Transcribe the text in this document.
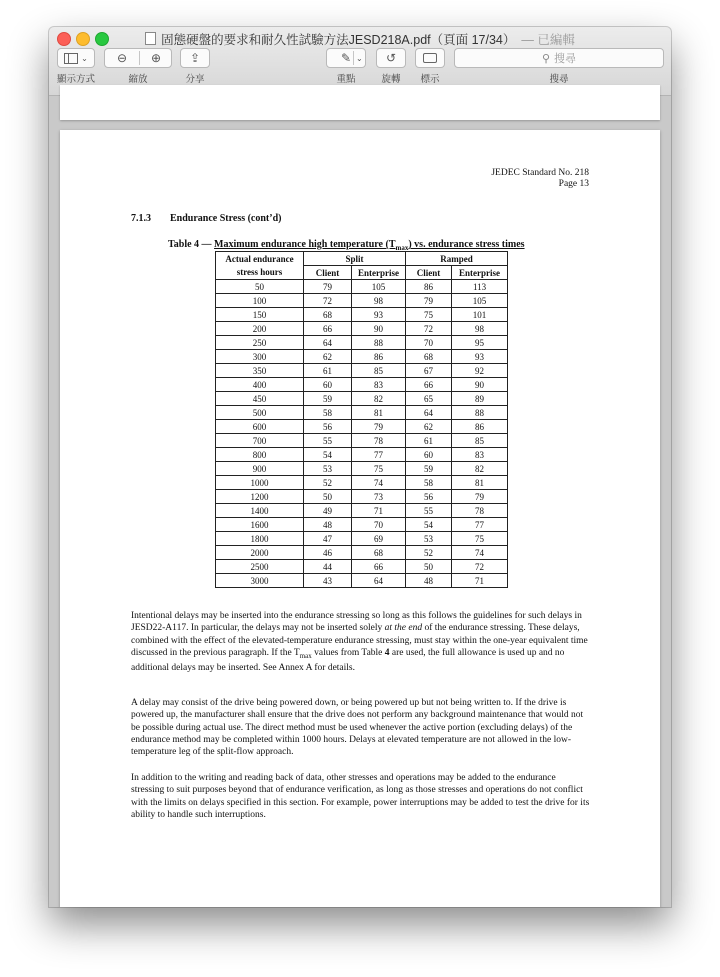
固態硬盤的要求和耐久性試驗方法JESD218A.pdf（頁面 17/34） — 已編輯
⌄
顯示方式
⊖	⊕
縮放
⇪
分享
✎ ⌄
重點
↺
旋轉	標示
⚲ 搜尋
搜尋
JEDEC Standard No. 218
Page 13
7.1.3 Endurance Stress (cont’d)
Table 4 — Maximum endurance high temperature $(T_{max})$ vs. endurance stress times
Actual endurance stress hours	Split		Ramped	
	Client	Enterprise	Client	Enterprise
50	79	105	86	113
100	72	98	79	105
150	68	93	75	101
200	66	90	72	98
250	64	88	70	95
300	62	86	68	93
350	61	85	67	92
400	60	83	66	90
450	59	82	65	89
500	58	81	64	88
600	56	79	62	86
700	55	78	61	85
800	54	77	60	83
900	53	75	59	82
1000	52	74	58	81
1200	50	73	56	79
1400	49	71	55	78
1600	48	70	54	77
1800	47	69	53	75
2000	46	68	52	74
2500	44	66	50	72
3000	43	64	48	71
Intentional delays may be inserted into the endurance stressing so long as this follows the guidelines for such delays in JESD22-A117. In particular, the delays may not be inserted solely at the end of the endurance stressing. These delays, combined with the effect of the elevated-temperature endurance stressing, must stay within the one-year equivalent time discussed in the previous paragraph. If the $T_{max}$ values from Table 4 are used, the full allowance is used up and no additional delays may be inserted. See Annex A for details.
A delay may consist of the drive being powered down, or being powered up but not being written to. If the drive is powered up, the manufacturer shall ensure that the drive does not perform any background maintenance that would not be possible during actual use. The direct method must be used whenever the active portion (excluding delays) of the endurance method may be completed within 1000 hours. Delays at elevated temperature are not allowed in the low-temperature leg of the split-flow approach.
In addition to the writing and reading back of data, other stresses and operations may be added to the endurance stressing to suit purposes beyond that of endurance verification, as long as those stresses and operations do not conflict with the limits on delays specified in this section. For example, power interruptions may be added to test the drive for its ability to handle such interruptions.
